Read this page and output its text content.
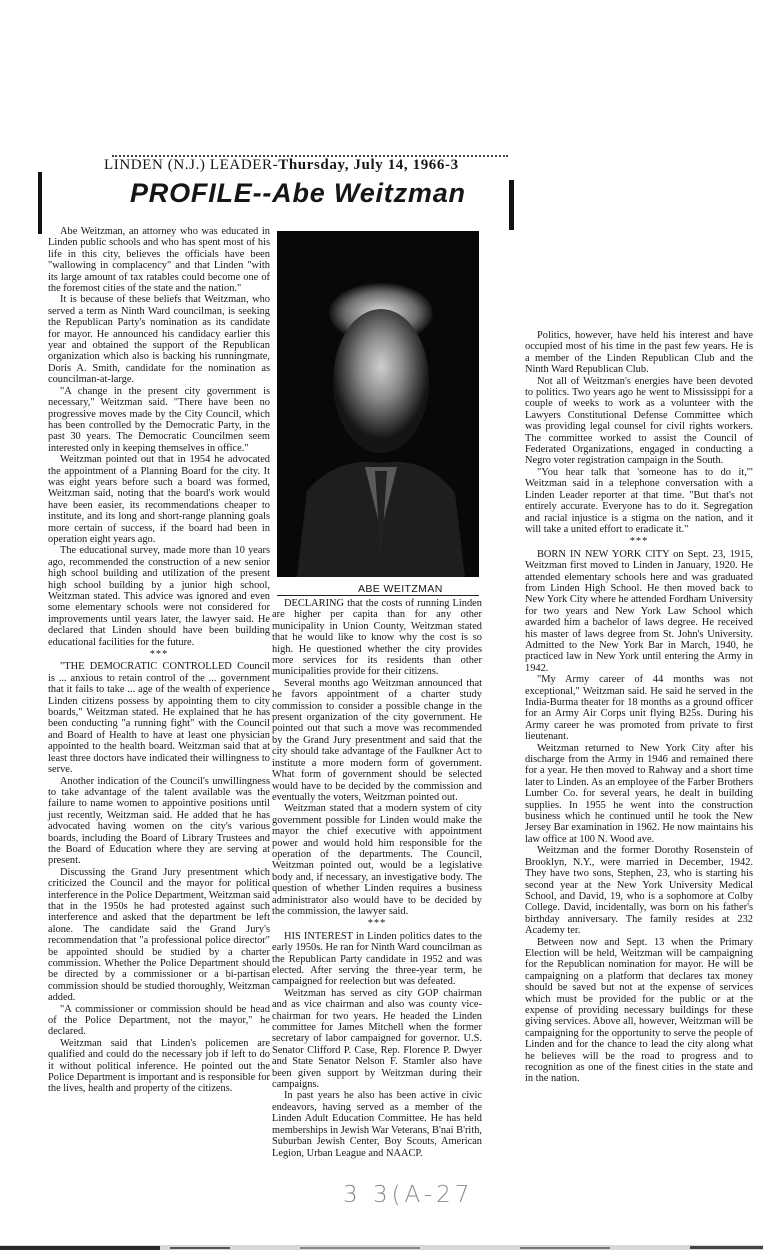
LINDEN (N.J.) LEADER-Thursday, July 14, 1966-3
PROFILE--Abe Weitzman

Abe Weitzman, an attorney who was educated in Linden public schools and who has spent most of his life in this city, believes the officials have been "wallowing in complacency" and that Linden "with its large amount of tax ratables could become one of the foremost cities of the state and the nation."

It is because of these beliefs that Weitzman, who served a term as Ninth Ward councilman, is seeking the Republican Party's nomination as its candidate for mayor. He announced his candidacy earlier this year and obtained the support of the Republican organization which also is backing his runningmate, Doris A. Smith, candidate for the nomination as councilman-at-large.

"A change in the present city government is necessary," Weitzman said. "There have been no progressive moves made by the City Council, which has been controlled by the Democratic Party, in the past 30 years. The Democratic Councilmen seem interested only in keeping themselves in office."

Weitzman pointed out that in 1954 he advocated the appointment of a Planning Board for the city. It was eight years before such a board was formed, Weitzman said, noting that the board's work would have been easier, its recommendations cheaper to institute, and its long and short-range planning goals more certain of success, if the board had been in operation eight years ago.

The educational survey, made more than 10 years ago, recommended the construction of a new senior high school building and utilization of the present high school building by a junior high school, Weitzman stated. This advice was ignored and even some elementary schools were not considered for improvements until years later, the lawyer said. He declared that Linden should have been building educational facilities for the future.

***

"THE DEMOCRATIC CONTROLLED Council is ... anxious to retain control of the ... government that it fails to take ... age of the wealth of experience Linden citizens possess by appointing them to city boards," Weitzman stated. He explained that he has been conducting "a running fight" with the Council and Board of Health to have at least one physician appointed to the health board. Weitzman said that at least three doctors have indicated their willingness to serve.

Another indication of the Council's unwillingness to take advantage of the talent available was the failure to name women to appointive positions until just recently, Weitzman said. He added that he has advocated having women on the city's various boards, including the Board of Library Trustees and the Board of Education where they are serving at present.

Discussing the Grand Jury presentment which criticized the Council and the mayor for political interference in the Police Department, Weitzman said that in the 1950s he had protested against such interference and asked that the department be left alone. The candidate said the Grand Jury's recommendation that "a professional police director" be appointed should be studied by a charter commission. Whether the Police Department should be directed by a commissioner or a bi-partisan commission should be studied thoroughly, Weitzman added.

"A commissioner or commission should be head of the Police Department, not the mayor," he declared.

Weitzman said that Linden's policemen are qualified and could do the necessary job if left to do it without political inference. He pointed out the Police Department is important and is responsible for the lives, health and property of the citizens.

ABE WEITZMAN

DECLARING that the costs of running Linden are higher per capita than for any other municipality in Union County, Weitzman stated that he would like to know why the cost is so high. He questioned whether the city provides more services for its residents than other municipalities provide for their citizens.

Several months ago Weitzman announced that he favors appointment of a charter study commission to consider a possible change in the present organization of the city government. He pointed out that such a move was recommended by the Grand Jury presentment and said that the city should take advantage of the Faulkner Act to institute a more modern form of government. What form of government should be selected would have to be decided by the commission and eventually the voters, Weitzman pointed out.

Weitzman stated that a modern system of city government possible for Linden would make the mayor the chief executive with appointment power and would hold him responsible for the operation of the departments. The Council, Weitzman pointed out, would be a legislative body and, if necessary, an investigative body. The question of whether Linden requires a business administrator also would have to be decided by the commission, the lawyer said.

***

HIS INTEREST in Linden politics dates to the early 1950s. He ran for Ninth Ward councilman as the Republican Party candidate in 1952 and was elected. After serving the three-year term, he campaigned for reelection but was defeated.

Weitzman has served as city GOP chairman and as vice chairman and also was county vice-chairman for two years. He headed the Linden committee for James Mitchell when the former secretary of labor campaigned for governor. U.S. Senator Clifford P. Case, Rep. Florence P. Dwyer and State Senator Nelson F. Stamler also have been given support by Weitzman during their campaigns.

In past years he also has been active in civic endeavors, having served as a member of the Linden Adult Education Committee. He has held memberships in Jewish War Veterans, B'nai B'rith, Suburban Jewish Center, Boy Scouts, American Legion, Urban League and NAACP.

Politics, however, have held his interest and have occupied most of his time in the past few years. He is a member of the Linden Republican Club and the Ninth Ward Republican Club.

Not all of Weitzman's energies have been devoted to politics. Two years ago he went to Mississippi for a couple of weeks to work as a volunteer with the Lawyers Constitutional Defense Committee which was providing legal counsel for civil rights workers. The committee worked to assist the Council of Federated Organizations, engaged in conducting a Negro voter registration campaign in the South.

"You hear talk that 'someone has to do it,'" Weitzman said in a telephone conversation with a Linden Leader reporter at that time. "But that's not entirely accurate. Everyone has to do it. Segregation and racial injustice is a stigma on the nation, and it will take a united effort to eradicate it."

***

BORN IN NEW YORK CITY on Sept. 23, 1915, Weitzman first moved to Linden in January, 1920. He attended elementary schools here and was graduated from Linden High School. He then moved back to New York City where he attended Fordham University for two years and New York Law School which awarded him a bachelor of laws degree. He received his master of laws degree from St. John's University. Admitted to the New York Bar in March, 1940, he practiced law in New York until entering the Army in 1942.

"My Army career of 44 months was not exceptional," Weitzman said. He said he served in the India-Burma theater for 18 months as a ground officer for an Army Air Corps unit flying B25s. During his Army career he was promoted from private to first lieutenant.

Weitzman returned to New York City after his discharge from the Army in 1946 and remained there for a year. He then moved to Rahway and a short time later to Linden. As an employee of the Farber Brothers Lumber Co. for several years, he dealt in building supplies. In 1955 he went into the construction business which he continued until he took the New Jersey Bar examination in 1962. He now maintains his law office at 100 N. Wood ave.

Weitzman and the former Dorothy Rosenstein of Brooklyn, N.Y., were married in December, 1942. They have two sons, Stephen, 23, who is starting his second year at the New York University Medical School, and David, 19, who is a sophomore at Colby College. David, incidentally, was born on his father's birthday anniversary. The family resides at 232 Academy ter.

Between now and Sept. 13 when the Primary Election will be held, Weitzman will be campaigning for the Republican nomination for mayor. He will be campaigning on a platform that declares tax money should be saved but not at the expense of services which must be provided for the public or at the expense of providing necessary buildings for these giving services. Above all, however, Weitzman will be campaigning for the opportunity to serve the people of Linden and for the chance to lead the city along what he believes will be the road to progress and to recognition as one of the finest cities in the state and in the nation.

3 3(A-27
